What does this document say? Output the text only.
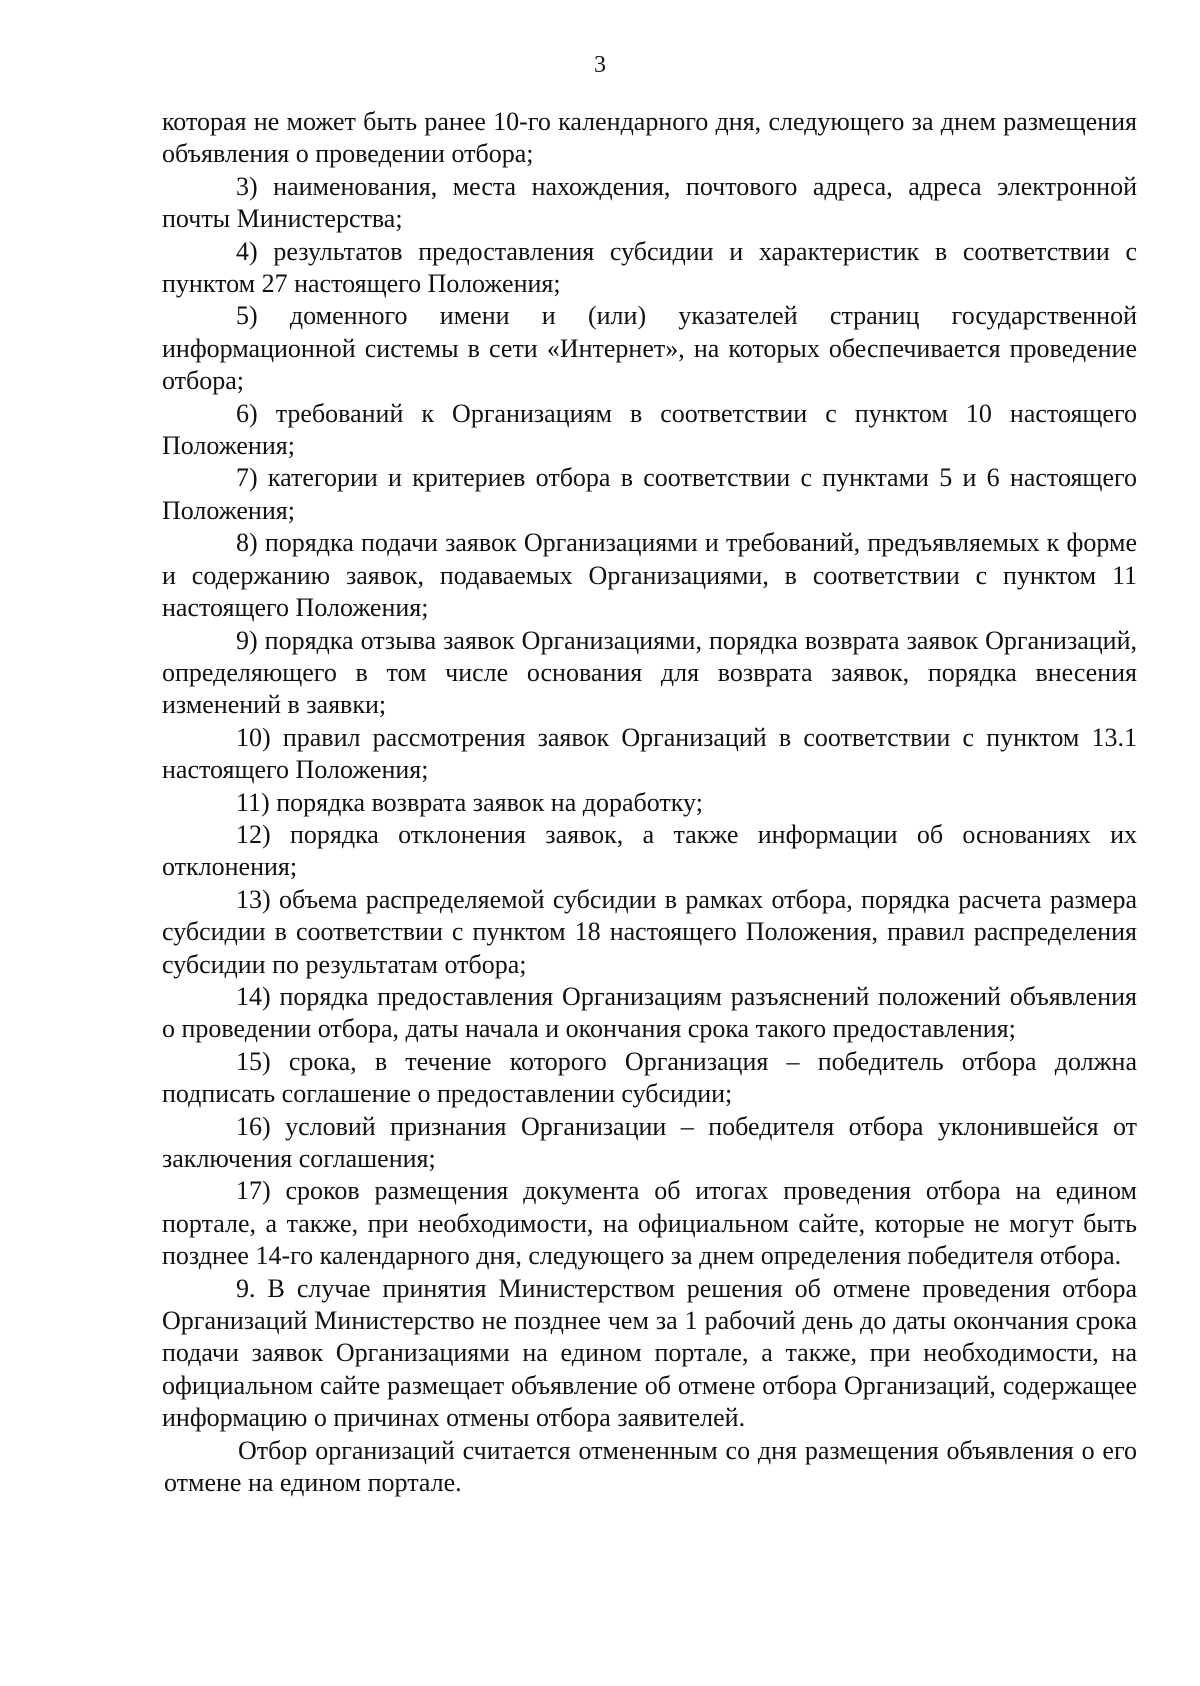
3

которая не может быть ранее 10-го календарного дня, следующего за днем размещения объявления о проведении отбора;

3) наименования, места нахождения, почтового адреса, адреса электронной почты Министерства;

4) результатов предоставления субсидии и характеристик в соответствии с пунктом 27 настоящего Положения;

5) доменного имени и (или) указателей страниц государственной информационной системы в сети «Интернет», на которых обеспечивается проведение отбора;

6) требований к Организациям в соответствии с пунктом 10 настоящего Положения;

7) категории и критериев отбора в соответствии с пунктами 5 и 6 настоящего Положения;

8) порядка подачи заявок Организациями и требований, предъявляемых к форме и содержанию заявок, подаваемых Организациями, в соответствии с пунктом 11 настоящего Положения;

9) порядка отзыва заявок Организациями, порядка возврата заявок Организаций, определяющего в том числе основания для возврата заявок, порядка внесения изменений в заявки;

10) правил рассмотрения заявок Организаций в соответствии с пунктом 13.1 настоящего Положения;

11) порядка возврата заявок на доработку;

12) порядка отклонения заявок, а также информации об основаниях их отклонения;

13) объема распределяемой субсидии в рамках отбора, порядка расчета размера субсидии в соответствии с пунктом 18 настоящего Положения, правил распределения субсидии по результатам отбора;

14) порядка предоставления Организациям разъяснений положений объявления о проведении отбора, даты начала и окончания срока такого предоставления;

15) срока, в течение которого Организация – победитель отбора должна подписать соглашение о предоставлении субсидии;

16) условий признания Организации – победителя отбора уклонившейся от заключения соглашения;

17) сроков размещения документа об итогах проведения отбора на едином портале, а также, при необходимости, на официальном сайте, которые не могут быть позднее 14-го календарного дня, следующего за днем определения победителя отбора.

9. В случае принятия Министерством решения об отмене проведения отбора Организаций Министерство не позднее чем за 1 рабочий день до даты окончания срока подачи заявок Организациями на едином портале, а также, при необходимости, на официальном сайте размещает объявление об отмене отбора Организаций, содержащее информацию о причинах отмены отбора заявителей.

Отбор организаций считается отмененным со дня размещения объявления о его отмене на едином портале.
